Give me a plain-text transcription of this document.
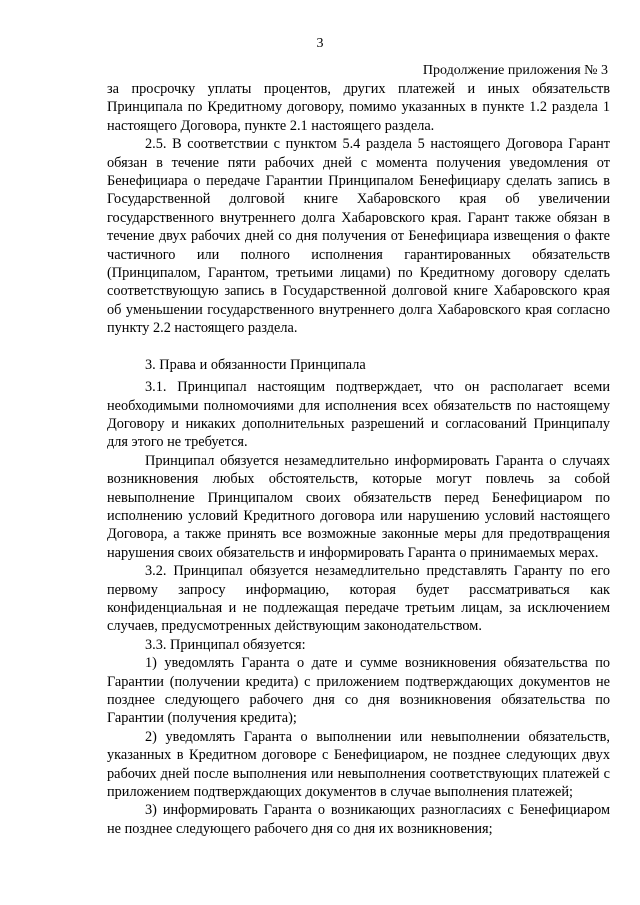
3
Продолжение приложения № 3

за просрочку уплаты процентов, других платежей и иных обязательств Принципала по Кредитному договору, помимо указанных в пункте 1.2 раздела 1 настоящего Договора, пункте 2.1 настоящего раздела.

2.5. В соответствии с пунктом 5.4 раздела 5 настоящего Договора Гарант обязан в течение пяти рабочих дней с момента получения уведомления от Бенефициара о передаче Гарантии Принципалом Бенефициару сделать запись в Государственной долговой книге Хабаровского края об увеличении государственного внутреннего долга Хабаровского края. Гарант также обязан в течение двух рабочих дней со дня получения от Бенефициара извещения о факте частичного или полного исполнения гарантированных обязательств (Принципалом, Гарантом, третьими лицами) по Кредитному договору сделать соответствующую запись в Государственной долговой книге Хабаровского края об уменьшении государственного внутреннего долга Хабаровского края согласно пункту 2.2 настоящего раздела.

3. Права и обязанности Принципала

3.1. Принципал настоящим подтверждает, что он располагает всеми необходимыми полномочиями для исполнения всех обязательств по настоящему Договору и никаких дополнительных разрешений и согласований Принципалу для этого не требуется.

Принципал обязуется незамедлительно информировать Гаранта о случаях возникновения любых обстоятельств, которые могут повлечь за собой невыполнение Принципалом своих обязательств перед Бенефициаром по исполнению условий Кредитного договора или нарушению условий настоящего Договора, а также принять все возможные законные меры для предотвращения нарушения своих обязательств и информировать Гаранта о принимаемых мерах.

3.2. Принципал обязуется незамедлительно представлять Гаранту по его первому запросу информацию, которая будет рассматриваться как конфиденциальная и не подлежащая передаче третьим лицам, за исключением случаев, предусмотренных действующим законодательством.

3.3. Принципал обязуется:

1) уведомлять Гаранта о дате и сумме возникновения обязательства по Гарантии (получении кредита) с приложением подтверждающих документов не позднее следующего рабочего дня со дня возникновения обязательства по Гарантии (получения кредита);

2) уведомлять Гаранта о выполнении или невыполнении обязательств, указанных в Кредитном договоре с Бенефициаром, не позднее следующих двух рабочих дней после выполнения или невыполнения соответствующих платежей с приложением подтверждающих документов в случае выполнения платежей;

3) информировать Гаранта о возникающих разногласиях с Бенефициаром не позднее следующего рабочего дня со дня их возникновения;
